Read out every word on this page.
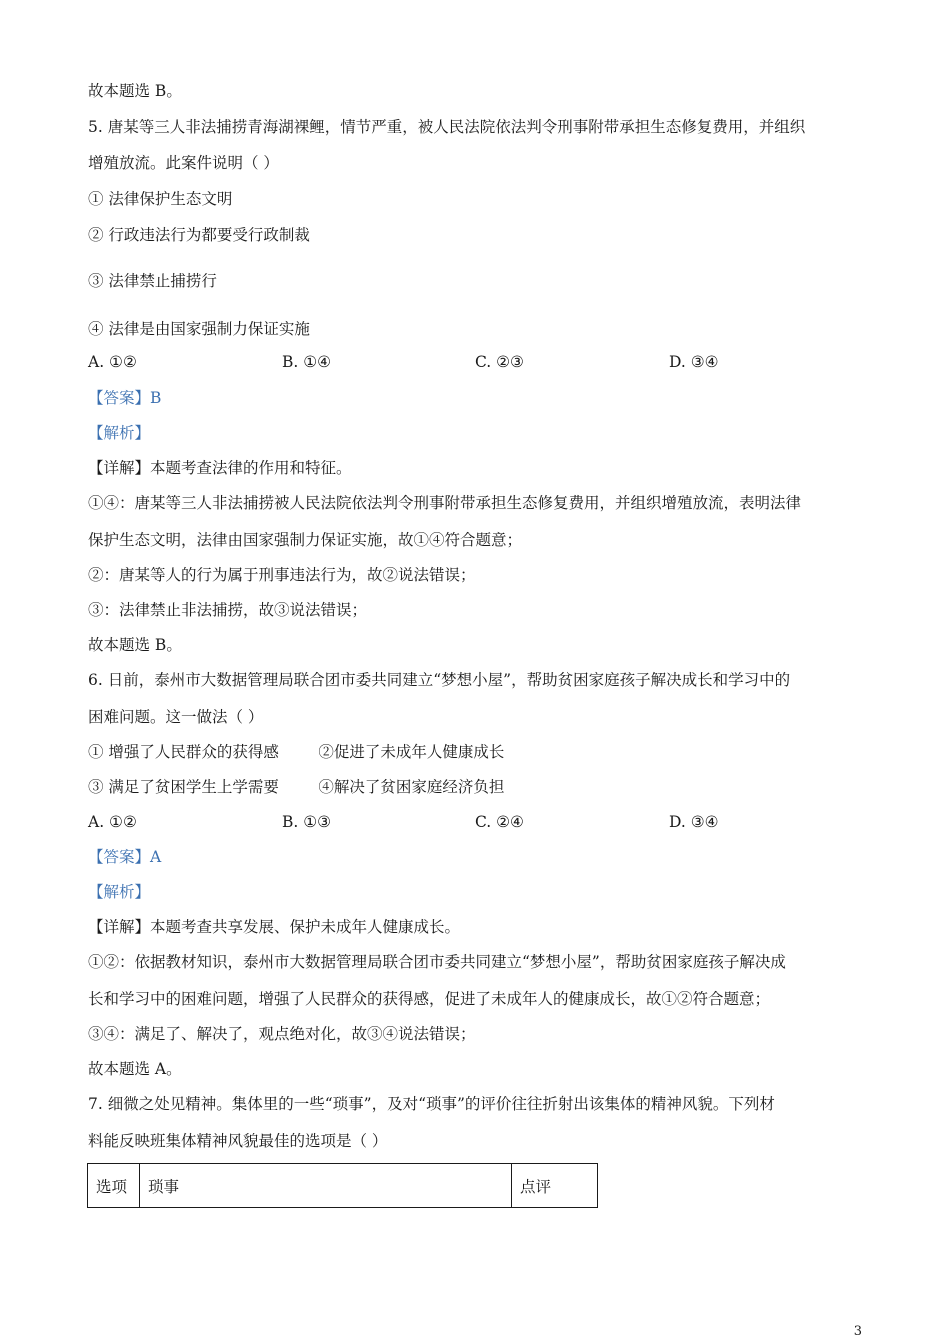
故本题选 B。
5. 唐某等三人非法捕捞青海湖裸鲤，情节严重，被人民法院依法判令刑事附带承担生态修复费用，并组织
增殖放流。此案件说明（ ）
① 法律保护生态文明
② 行政违法行为都要受行政制裁
③ 法律禁止捕捞行
④ 法律是由国家强制力保证实施
A. ①②	B. ①④	C. ②③	D. ③④
【答案】B
【解析】
【详解】本题考查法律的作用和特征。
①④：唐某等三人非法捕捞被人民法院依法判令刑事附带承担生态修复费用，并组织增殖放流，表明法律
保护生态文明，法律由国家强制力保证实施，故①④符合题意；
②：唐某等人的行为属于刑事违法行为，故②说法错误；
③：法律禁止非法捕捞，故③说法错误；
故本题选 B。
6. 日前，泰州市大数据管理局联合团市委共同建立“梦想小屋”，帮助贫困家庭孩子解决成长和学习中的
困难问题。这一做法（ ）
① 增强了人民群众的获得感        ②促进了未成年人健康成长
③ 满足了贫困学生上学需要        ④解决了贫困家庭经济负担
A. ①②	B. ①③	C. ②④	D. ③④
【答案】A
【解析】
【详解】本题考查共享发展、保护未成年人健康成长。
①②：依据教材知识，泰州市大数据管理局联合团市委共同建立“梦想小屋”，帮助贫困家庭孩子解决成
长和学习中的困难问题，增强了人民群众的获得感，促进了未成年人的健康成长，故①②符合题意；
③④：满足了、解决了，观点绝对化，故③④说法错误；
故本题选 A。
7. 细微之处见精神。集体里的一些“琐事”，及对“琐事”的评价往往折射出该集体的精神风貌。下列材
料能反映班集体精神风貌最佳的选项是（ ）
选项	琐事	点评
3
